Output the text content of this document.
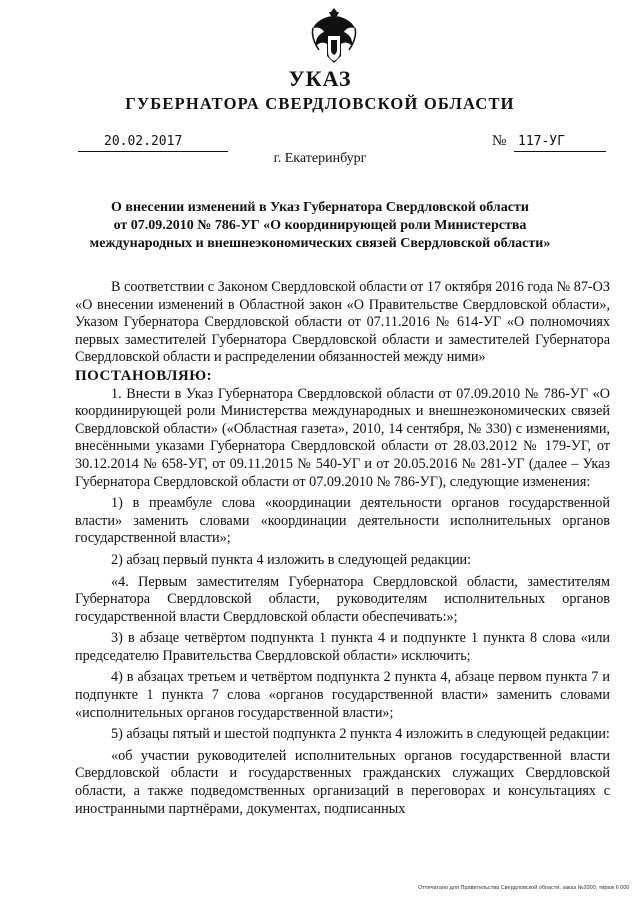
УКАЗ
ГУБЕРНАТОРА СВЕРДЛОВСКОЙ ОБЛАСТИ
20.02.2017	№ 117-УГ
г. Екатеринбург
О внесении изменений в Указ Губернатора Свердловской области
от 07.09.2010 № 786-УГ «О координирующей роли Министерства
международных и внешнеэкономических связей Свердловской области»

В соответствии с Законом Свердловской области от 17 октября 2016 года № 87-ОЗ «О внесении изменений в Областной закон «О Правительстве Свердловской области», Указом Губернатора Свердловской области от 07.11.2016 № 614-УГ «О полномочиях первых заместителей Губернатора Свердловской области и заместителей Губернатора Свердловской области и распределении обязанностей между ними»

ПОСТАНОВЛЯЮ:

1. Внести в Указ Губернатора Свердловской области от 07.09.2010 № 786-УГ «О координирующей роли Министерства международных и внешнеэкономических связей Свердловской области» («Областная газета», 2010, 14 сентября, № 330) с изменениями, внесёнными указами Губернатора Свердловской области от 28.03.2012 № 179-УГ, от 30.12.2014 № 658-УГ, от 09.11.2015 № 540-УГ и от 20.05.2016 № 281-УГ (далее – Указ Губернатора Свердловской области от 07.09.2010 № 786-УГ), следующие изменения:

1) в преамбуле слова «координации деятельности органов государственной власти» заменить словами «координации деятельности исполнительных органов государственной власти»;

2) абзац первый пункта 4 изложить в следующей редакции:

«4. Первым заместителям Губернатора Свердловской области, заместителям Губернатора Свердловской области, руководителям исполнительных органов государственной власти Свердловской области обеспечивать:»;

3) в абзаце четвёртом подпункта 1 пункта 4 и подпункте 1 пункта 8 слова «или председателю Правительства Свердловской области» исключить;

4) в абзацах третьем и четвёртом подпункта 2 пункта 4, абзаце первом пункта 7 и подпункте 1 пункта 7 слова «органов государственной власти» заменить словами «исполнительных органов государственной власти»;

5) абзацы пятый и шестой подпункта 2 пункта 4 изложить в следующей редакции:

«об участии руководителей исполнительных органов государственной власти Свердловской области и государственных гражданских служащих Свердловской области, а также подведомственных организаций в переговорах и консультациях с иностранными партнёрами, документах, подписанных

Отпечатано для Правительства Свердловской области, заказ №2000, тираж 6 000
